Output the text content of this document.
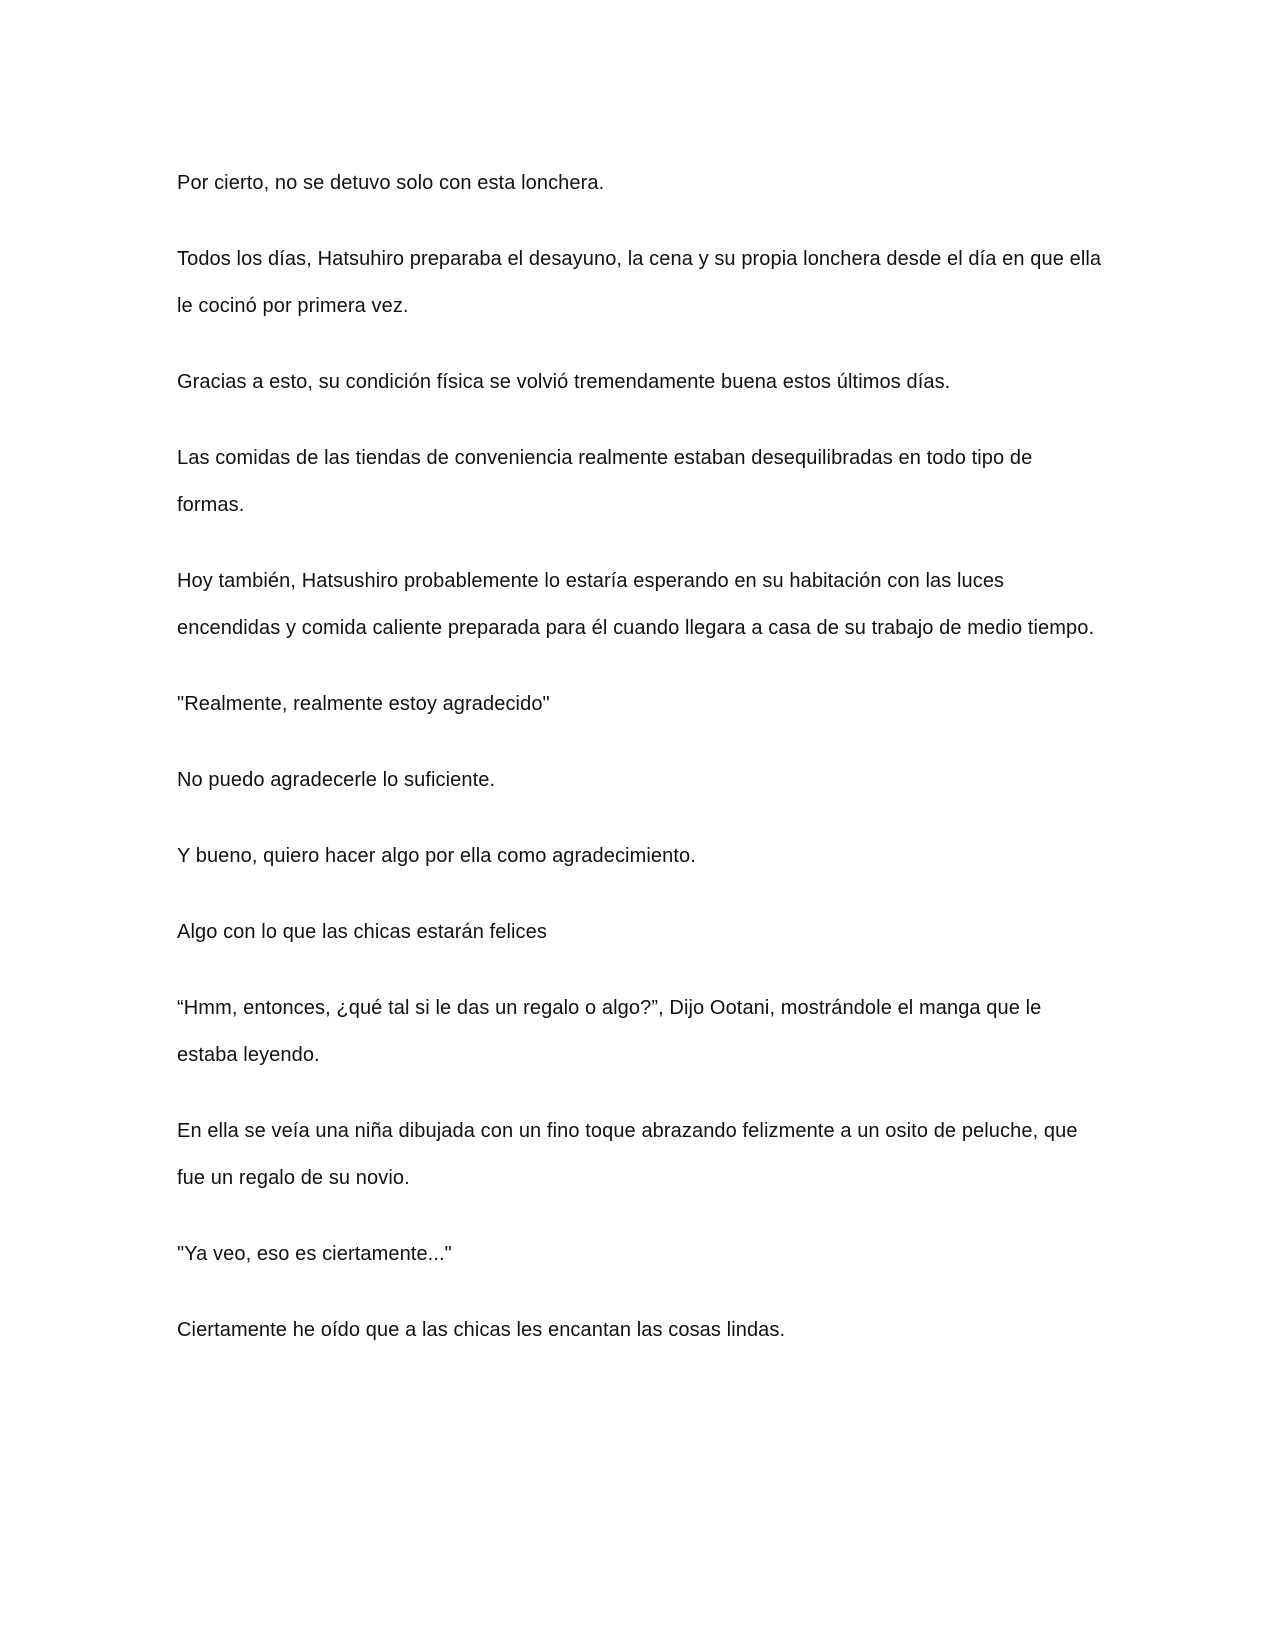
Por cierto, no se detuvo solo con esta lonchera.

Todos los días, Hatsuhiro preparaba el desayuno, la cena y su propia lonchera desde el día en que ella le cocinó por primera vez.

Gracias a esto, su condición física se volvió tremendamente buena estos últimos días.

Las comidas de las tiendas de conveniencia realmente estaban desequilibradas en todo tipo de formas.

Hoy también, Hatsushiro probablemente lo estaría esperando en su habitación con las luces encendidas y comida caliente preparada para él cuando llegara a casa de su trabajo de medio tiempo.

"Realmente, realmente estoy agradecido"

No puedo agradecerle lo suficiente.

Y bueno, quiero hacer algo por ella como agradecimiento.

Algo con lo que las chicas estarán felices

“Hmm, entonces, ¿qué tal si le das un regalo o algo?”, Dijo Ootani, mostrándole el manga que le estaba leyendo.

En ella se veía una niña dibujada con un fino toque abrazando felizmente a un osito de peluche, que fue un regalo de su novio.

"Ya veo, eso es ciertamente..."

Ciertamente he oído que a las chicas les encantan las cosas lindas.
